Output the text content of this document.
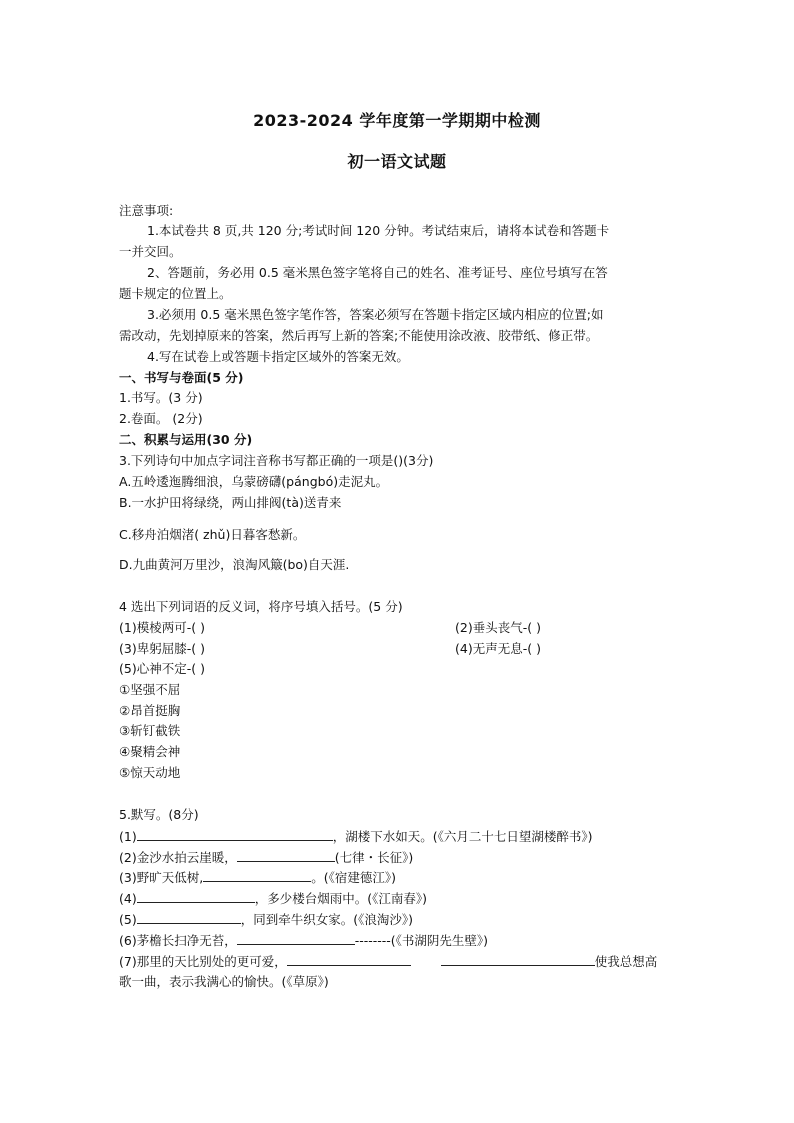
2023-2024 学年度第一学期期中检测
初一语文试题
注意事项:
1.本试卷共 8 页,共 120 分;考试时间 120 分钟。考试结束后，请将本试卷和答题卡
一并交回。
2、答题前，务必用 0.5 毫米黑色签字笔将自己的姓名、准考证号、座位号填写在答
题卡规定的位置上。
3.必须用 0.5 毫米黑色签字笔作答，答案必须写在答题卡指定区域内相应的位置;如
需改动，先划掉原来的答案，然后再写上新的答案;不能使用涂改液、胶带纸、修正带。
4.写在试卷上或答题卡指定区域外的答案无效。
一、书写与卷面(5 分)
1.书写。(3 分)
2.卷面。 (2分)
二、积累与运用(30 分)
3.下列诗句中加点字词注音称书写都正确的一项是()(3分)
A.五岭逶迤腾细浪，乌蒙磅礴(pángbó)走泥丸。
B.一水护田将绿绕，两山排阀(tà)送青来
C.移舟泊烟渚( zhǔ)日暮客愁新。
D.九曲黄河万里沙，浪淘风簸(bo)自天涯.
4 选出下列词语的反义词，将序号填入括号。(5 分)
(1)模棱两可-( )	(2)垂头丧气-( )
(3)卑躬屈膝-( )	(4)无声无息-( )
(5)心神不定-( )
①坚强不屈
②昂首挺胸
③斩钉截铁
④聚精会神
⑤惊天动地
5.默写。(8分)
(1)	，湖楼下水如天。(《六月二十七日望湖楼醉书》)
(2)金沙水拍云崖暖，	(七律・长征》)
(3)野旷天低树,	。(《宿建德江》)
(4)	，多少楼台烟雨中。(《江南春》)
(5)	，同到牵牛织女家。(《浪淘沙》)
(6)茅檐长扫净无苔，	--------(《书湖阴先生壁》)
(7)那里的天比别处的更可爱，	使我总想高
歌一曲，表示我满心的愉快。(《草原》)
